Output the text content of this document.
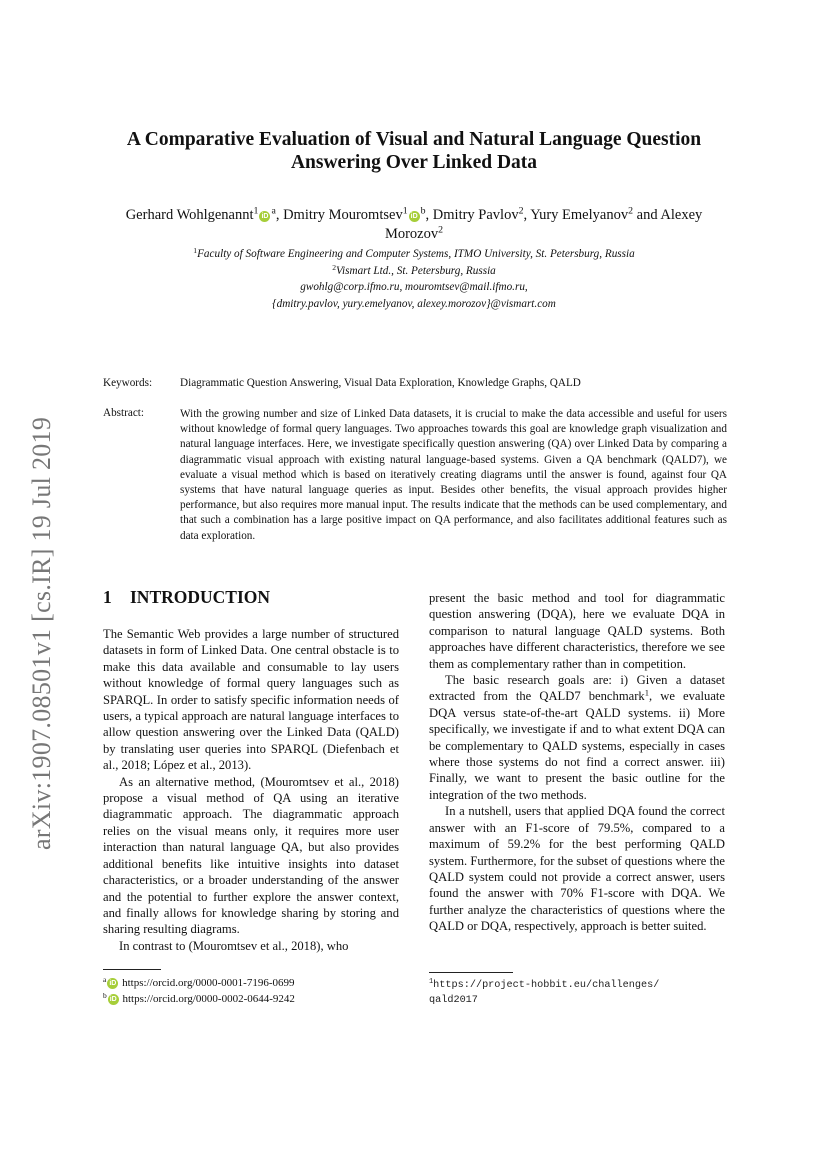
arXiv:1907.08501v1 [cs.IR] 19 Jul 2019
A Comparative Evaluation of Visual and Natural Language Question
Answering Over Linked Data
Gerhard Wohlgenannt$^1$ iD $^a$, Dmitry Mouromtsev$^1$ iD $^b$, Dmitry Pavlov$^2$, Yury Emelyanov$^2$ and Alexey
Morozov$^2$
$^1$Faculty of Software Engineering and Computer Systems, ITMO University, St. Petersburg, Russia
$^2$Vismart Ltd., St. Petersburg, Russia
gwohlg@corp.ifmo.ru, mouromtsev@mail.ifmo.ru,
{dmitry.pavlov, yury.emelyanov, alexey.morozov}@vismart.com
Keywords: Diagrammatic Question Answering, Visual Data Exploration, Knowledge Graphs, QALD
Abstract:	With the growing number and size of Linked Data datasets, it is crucial to make the data accessible and useful for users without knowledge of formal query languages. Two approaches towards this goal are knowledge graph visualization and natural language interfaces. Here, we investigate specifically question answering (QA) over Linked Data by comparing a diagrammatic visual approach with existing natural language-based systems. Given a QA benchmark (QALD7), we evaluate a visual method which is based on iteratively creating diagrams until the answer is found, against four QA systems that have natural language queries as input. Besides other benefits, the visual approach provides higher performance, but also requires more manual input. The results indicate that the methods can be used complementary, and that such a combination has a large positive impact on QA performance, and also facilitates additional features such as data exploration.
1 INTRODUCTION

The Semantic Web provides a large number of structured datasets in form of Linked Data. One central obstacle is to make this data available and consumable to lay users without knowledge of formal query languages such as SPARQL. In order to satisfy specific information needs of users, a typical approach are natural language interfaces to allow question answering over the Linked Data (QALD) by translating user queries into SPARQL (Diefenbach et al., 2018; López et al., 2013).

As an alternative method, (Mouromtsev et al., 2018) propose a visual method of QA using an iterative diagrammatic approach. The diagrammatic approach relies on the visual means only, it requires more user interaction than natural language QA, but also provides additional benefits like intuitive insights into dataset characteristics, or a broader understanding of the answer and the potential to further explore the answer context, and finally allows for knowledge sharing by storing and sharing resulting diagrams.

In contrast to (Mouromtsev et al., 2018), who

present the basic method and tool for diagrammatic question answering (DQA), here we evaluate DQA in comparison to natural language QALD systems. Both approaches have different characteristics, therefore we see them as complementary rather than in competition.

The basic research goals are: i) Given a dataset extracted from the QALD7 benchmark$^1$, we evaluate DQA versus state-of-the-art QALD systems. ii) More specifically, we investigate if and to what extent DQA can be complementary to QALD systems, especially in cases where those systems do not find a correct answer. iii) Finally, we want to present the basic outline for the integration of the two methods.

In a nutshell, users that applied DQA found the correct answer with an F1-score of 79.5%, compared to a maximum of 59.2% for the best performing QALD system. Furthermore, for the subset of questions where the QALD system could not provide a correct answer, users found the answer with 70% F1-score with DQA. We further analyze the characteristics of questions where the QALD or DQA, respectively, approach is better suited.

$^a$ iD https://orcid.org/0000-0001-7196-0699
$^b$ iD https://orcid.org/0000-0002-0644-9242
$^1$https://project-hobbit.eu/challenges/
qald2017
